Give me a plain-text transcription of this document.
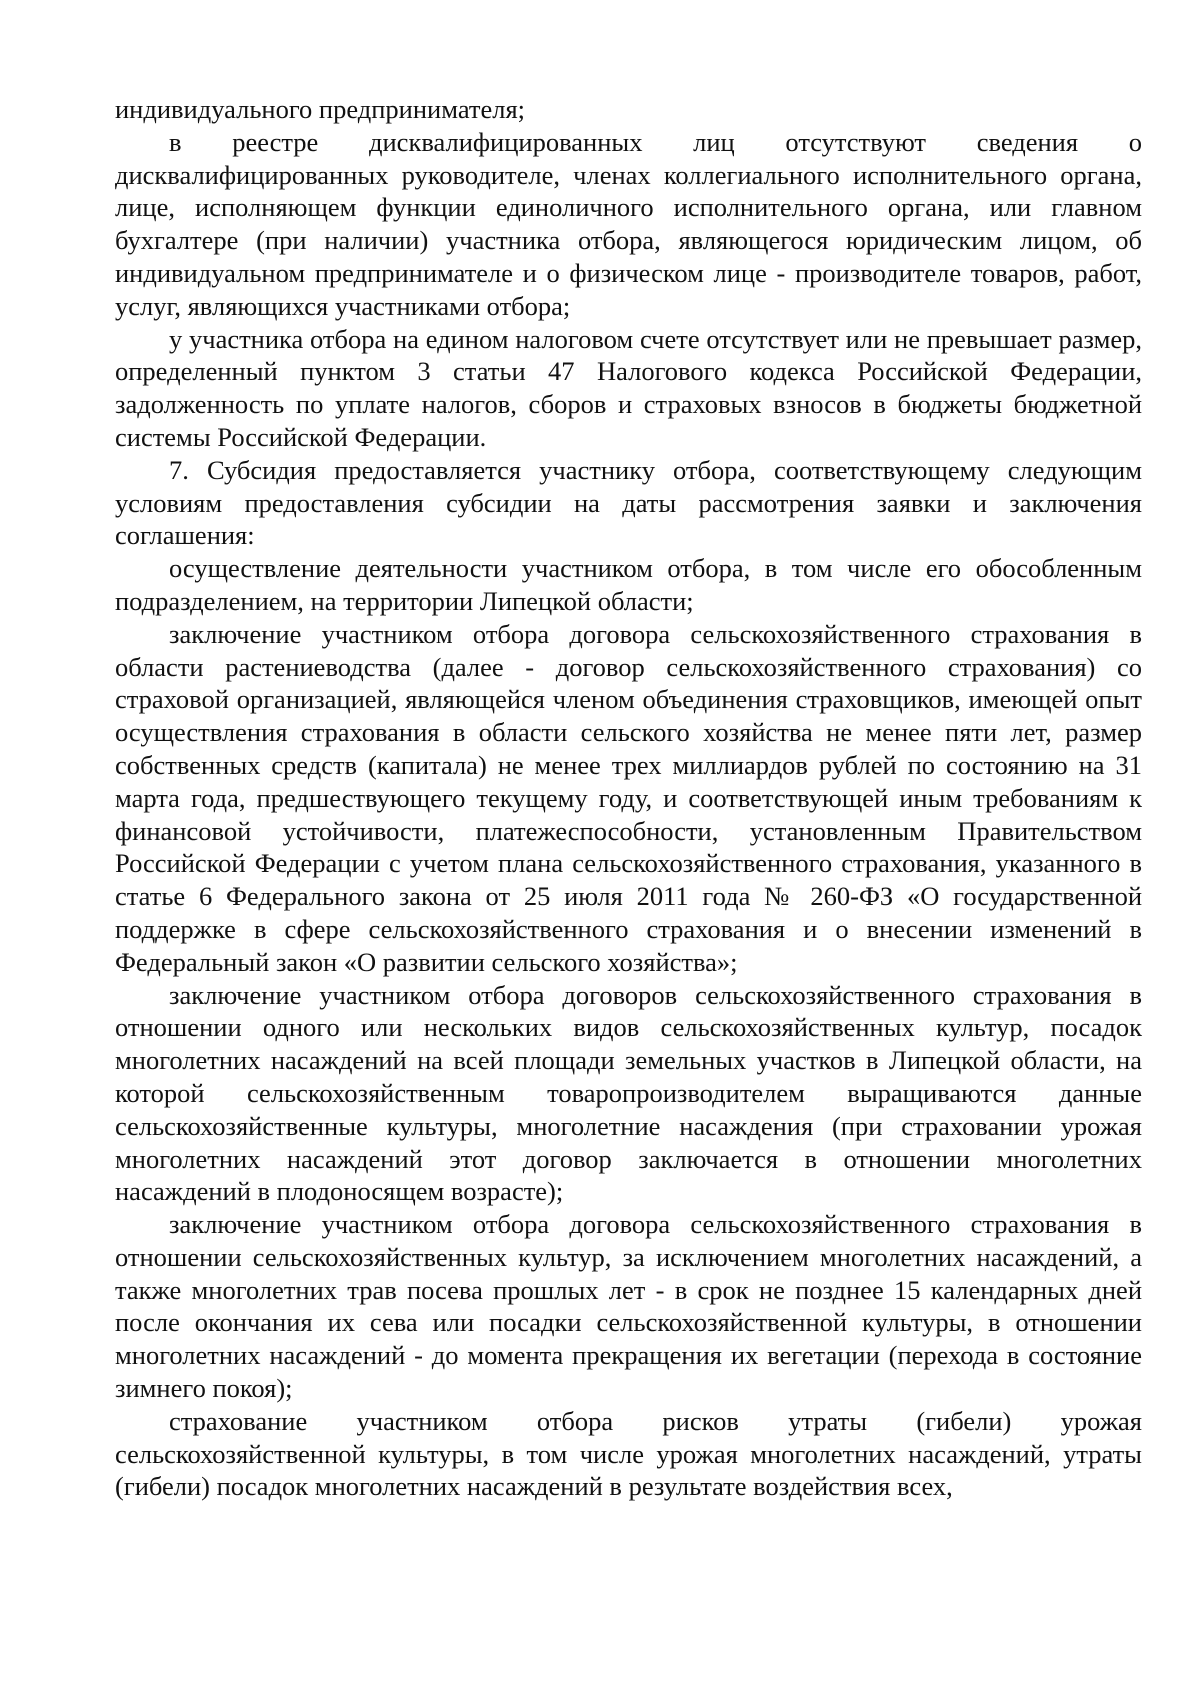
индивидуального предпринимателя;

в реестре дисквалифицированных лиц отсутствуют сведения о дисквалифицированных руководителе, членах коллегиального исполнительного органа, лице, исполняющем функции единоличного исполнительного органа, или главном бухгалтере (при наличии) участника отбора, являющегося юридическим лицом, об индивидуальном предпринимателе и о физическом лице - производителе товаров, работ, услуг, являющихся участниками отбора;

у участника отбора на едином налоговом счете отсутствует или не превышает размер, определенный пунктом 3 статьи 47 Налогового кодекса Российской Федерации, задолженность по уплате налогов, сборов и страховых взносов в бюджеты бюджетной системы Российской Федерации.

7. Субсидия предоставляется участнику отбора, соответствующему следующим условиям предоставления субсидии на даты рассмотрения заявки и заключения соглашения:

осуществление деятельности участником отбора, в том числе его обособленным подразделением, на территории Липецкой области;

заключение участником отбора договора сельскохозяйственного страхования в области растениеводства (далее - договор сельскохозяйственного страхования) со страховой организацией, являющейся членом объединения страховщиков, имеющей опыт осуществления страхования в области сельского хозяйства не менее пяти лет, размер собственных средств (капитала) не менее трех миллиардов рублей по состоянию на 31 марта года, предшествующего текущему году, и соответствующей иным требованиям к финансовой устойчивости, платежеспособности, установленным Правительством Российской Федерации с учетом плана сельскохозяйственного страхования, указанного в статье 6 Федерального закона от 25 июля 2011 года № 260-ФЗ «О государственной поддержке в сфере сельскохозяйственного страхования и о внесении изменений в Федеральный закон «О развитии сельского хозяйства»;

заключение участником отбора договоров сельскохозяйственного страхования в отношении одного или нескольких видов сельскохозяйственных культур, посадок многолетних насаждений на всей площади земельных участков в Липецкой области, на которой сельскохозяйственным товаропроизводителем выращиваются данные сельскохозяйственные культуры, многолетние насаждения (при страховании урожая многолетних насаждений этот договор заключается в отношении многолетних насаждений в плодоносящем возрасте);

заключение участником отбора договора сельскохозяйственного страхования в отношении сельскохозяйственных культур, за исключением многолетних насаждений, а также многолетних трав посева прошлых лет - в срок не позднее 15 календарных дней после окончания их сева или посадки сельскохозяйственной культуры, в отношении многолетних насаждений - до момента прекращения их вегетации (перехода в состояние зимнего покоя);

страхование участником отбора рисков утраты (гибели) урожая сельскохозяйственной культуры, в том числе урожая многолетних насаждений, утраты (гибели) посадок многолетних насаждений в результате воздействия всех,
